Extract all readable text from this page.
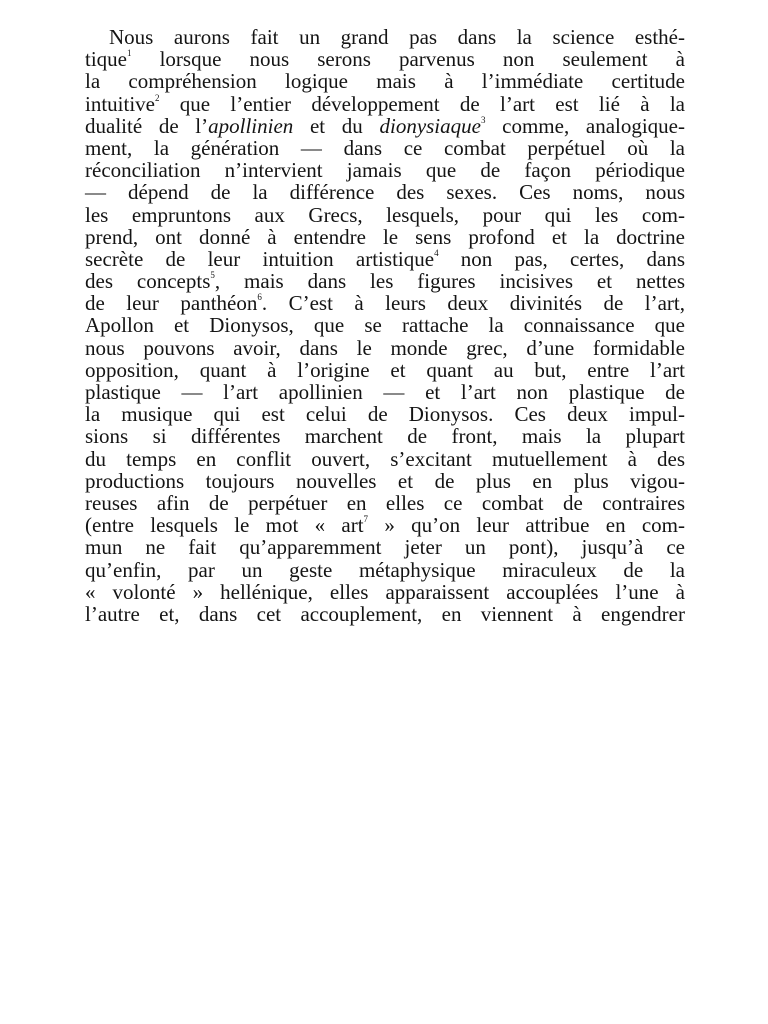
Nous aurons fait un grand pas dans la science esthé-
tique$^1$ lorsque nous serons parvenus non seulement à
la compréhension logique mais à l’immédiate certitude
intuitive$^2$ que l’entier développement de l’art est lié à la
dualité de l’apollinien et du dionysiaque$^3$ comme, analogique-
ment, la génération — dans ce combat perpétuel où la
réconciliation n’intervient jamais que de façon périodique
— dépend de la différence des sexes. Ces noms, nous
les empruntons aux Grecs, lesquels, pour qui les com-
prend, ont donné à entendre le sens profond et la doctrine
secrète de leur intuition artistique$^4$ non pas, certes, dans
des concepts$^5$, mais dans les figures incisives et nettes
de leur panthéon$^6$. C’est à leurs deux divinités de l’art,
Apollon et Dionysos, que se rattache la connaissance que
nous pouvons avoir, dans le monde grec, d’une formidable
opposition, quant à l’origine et quant au but, entre l’art
plastique — l’art apollinien — et l’art non plastique de
la musique qui est celui de Dionysos. Ces deux impul-
sions si différentes marchent de front, mais la plupart
du temps en conflit ouvert, s’excitant mutuellement à des
productions toujours nouvelles et de plus en plus vigou-
reuses afin de perpétuer en elles ce combat de contraires
(entre lesquels le mot « art$^7$ » qu’on leur attribue en com-
mun ne fait qu’apparemment jeter un pont), jusqu’à ce
qu’enfin, par un geste métaphysique miraculeux de la
« volonté » hellénique, elles apparaissent accouplées l’une à
l’autre et, dans cet accouplement, en viennent à engendrer
